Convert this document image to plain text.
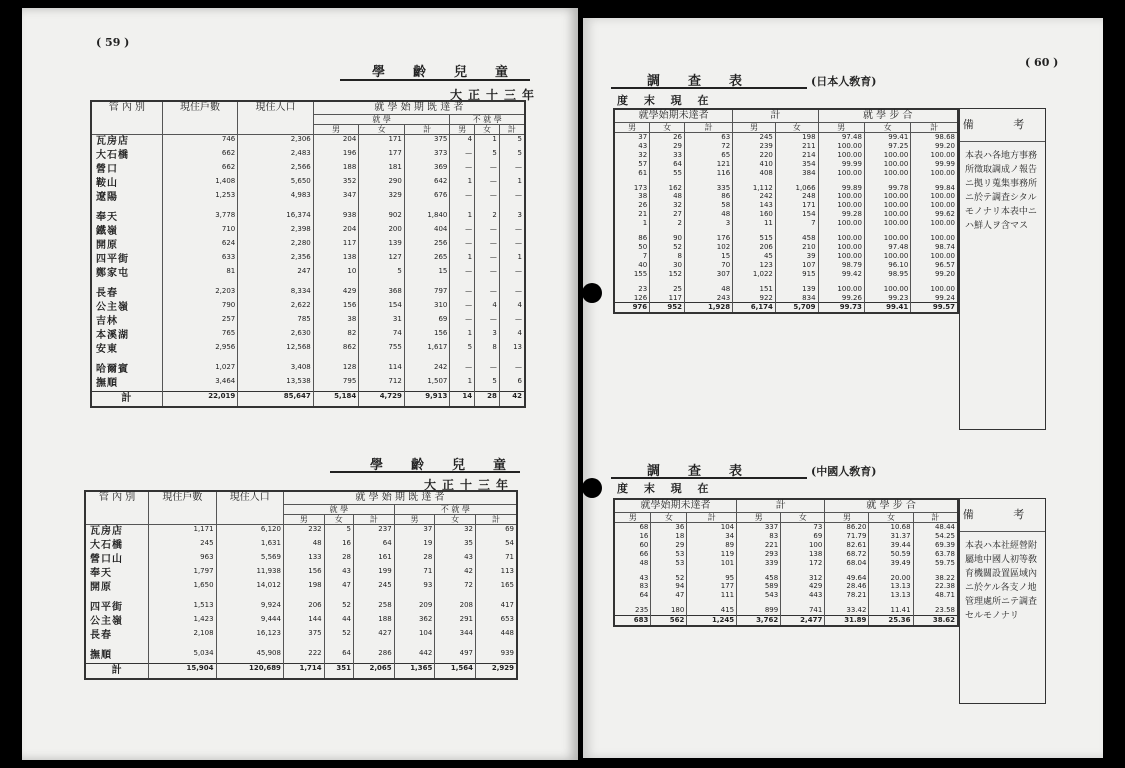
( 59 )
學齡兒童
大正十三年
管 內 別	現住戶數	現住人口	就 學 始 期 既 達 者					
			就 學			不 就 學		
			男	女	計	男	女	計
瓦房店	746	2,306	204	171	375	4	1	5
大石橋	662	2,483	196	177	373	—	5	5
營口	662	2,566	188	181	369	—	—	—
鞍山	1,408	5,650	352	290	642	1	—	1
遼陽	1,253	4,983	347	329	676	—	—	—
奉天	3,778	16,374	938	902	1,840	1	2	3
鐵嶺	710	2,398	204	200	404	—	—	—
開原	624	2,280	117	139	256	—	—	—
四平街	633	2,356	138	127	265	1	—	1
鄭家屯	81	247	10	5	15	—	—	—
長春	2,203	8,334	429	368	797	—	—	—
公主嶺	790	2,622	156	154	310	—	4	4
吉林	257	785	38	31	69	—	—	—
本溪湖	765	2,630	82	74	156	1	3	4
安東	2,956	12,568	862	755	1,617	5	8	13
哈爾賓	1,027	3,408	128	114	242	—	—	—
撫順	3,464	13,538	795	712	1,507	1	5	6
計	22,019	85,647	5,184	4,729	9,913	14	28	42
學齡兒童
大正十三年
管 內 別	現住戶數	現住人口	就 學 始 期 既 達 者					
			就 學			不 就 學		
			男	女	計	男	女	計
瓦房店	1,171	6,120	232	5	237	37	32	69
大石橋	245	1,631	48	16	64	19	35	54
營口山	963	5,569	133	28	161	28	43	71
奉天	1,797	11,938	156	43	199	71	42	113
開原	1,650	14,012	198	47	245	93	72	165
四平街	1,513	9,924	206	52	258	209	208	417
公主嶺	1,423	9,444	144	44	188	362	291	653
長春	2,108	16,123	375	52	427	104	344	448
撫順	5,034	45,908	222	64	286	442	497	939
計	15,904	120,689	1,714	351	2,065	1,365	1,564	2,929
( 60 )
調查表	(日本人敎育)
度 末 現 在
就學始期未達者			計		就 學 步 合		
男	女	計	男	女	男	女	計
37	26	63	245	198	97.48	99.41	98.68
43	29	72	239	211	100.00	97.25	99.20
32	33	65	220	214	100.00	100.00	100.00
57	64	121	410	354	99.99	100.00	99.99
61	55	116	408	384	100.00	100.00	100.00
173	162	335	1,112	1,066	99.89	99.78	99.84
38	48	86	242	248	100.00	100.00	100.00
26	32	58	143	171	100.00	100.00	100.00
21	27	48	160	154	99.28	100.00	99.62
1	2	3	11	7	100.00	100.00	100.00
86	90	176	515	458	100.00	100.00	100.00
50	52	102	206	210	100.00	97.48	98.74
7	8	15	45	39	100.00	100.00	100.00
40	30	70	123	107	98.79	96.10	96.57
155	152	307	1,022	915	99.42	98.95	99.20
23	25	48	151	139	100.00	100.00	100.00
126	117	243	922	834	99.26	99.23	99.24
976	952	1,928	6,174	5,709	99.73	99.41	99.57
備 考
本表ハ各地方事務所徵取調成ノ報告ニ拠リ蒐集事務所ニ於テ調査シタルモノナリ本表中ニハ鮮人ヲ含マス
調查表	(中國人敎育)
度 末 現 在
就學始期未達者			計		就 學 步 合		
男	女	計	男	女	男	女	計
68	36	104	337	73	86.20	10.68	48.44
16	18	34	83	69	71.79	31.37	54.25
60	29	89	221	100	82.61	39.44	69.39
66	53	119	293	138	68.72	50.59	63.78
48	53	101	339	172	68.04	39.49	59.75
43	52	95	458	312	49.64	20.00	38.22
83	94	177	589	429	28.46	13.13	22.38
64	47	111	543	443	78.21	13.13	48.71
235	180	415	899	741	33.42	11.41	23.58
683	562	1,245	3,762	2,477	31.89	25.36	38.62
備 考
本表ハ本社經營附屬地中國人初等敎育機關設置區域內ニ於ケル各支ノ地管理處所ニテ調査セルモノナリ
